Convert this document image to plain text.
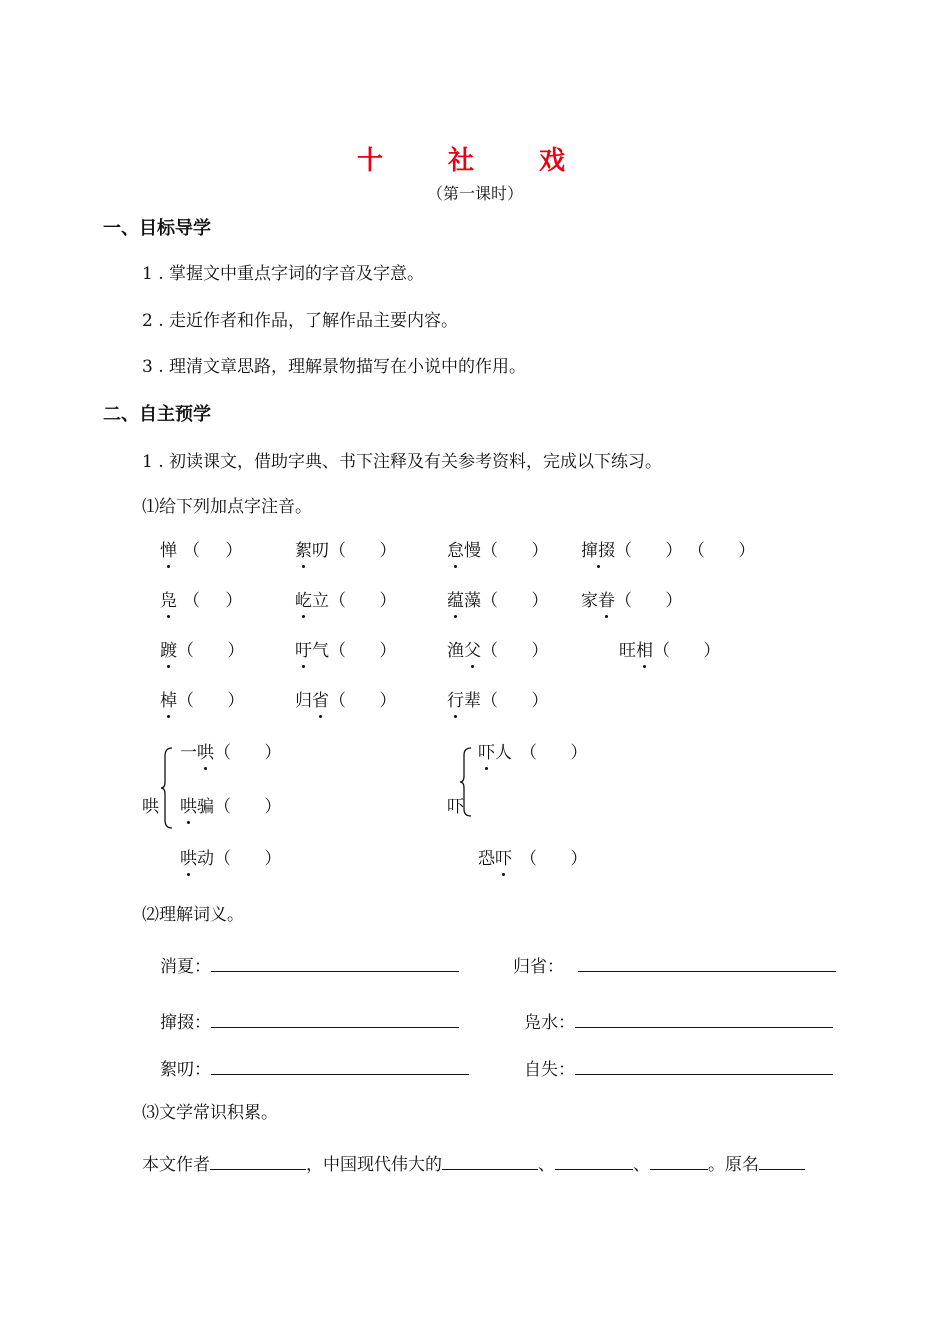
十 社 戏
（第一课时）
一、目标导学
1 . 掌握文中重点字词的字音及字意。
2 . 走近作者和作品，了解作品主要内容。
3 . 理清文章思路，理解景物描写在小说中的作用。
二、自主预学
1 . 初读课文，借助字典、书下注释及有关参考资料，完成以下练习。
⑴给下列加点字注音。
惮 （ ）	絮叨（ ） 怠慢（ ） 撺掇（ ）（ ）
凫 （ ）	屹立（ ） 蕴藻（ ） 家眷（ ）
踱（ ） 吁气（ ） 渔父（ ）	旺相（ ）
棹（ ） 归省（ ） 行辈（ ）
哄
一哄（ ）
哄骗（ ）
哄动（ ）
吓
吓人 （ ）
恐吓 （ ）
⑵理解词义。
消夏：	归省：
撺掇：	凫水：
絮叨：	自失：
⑶文学常识积累。
本文作者	，中国现代伟大的	、	、	。原名
